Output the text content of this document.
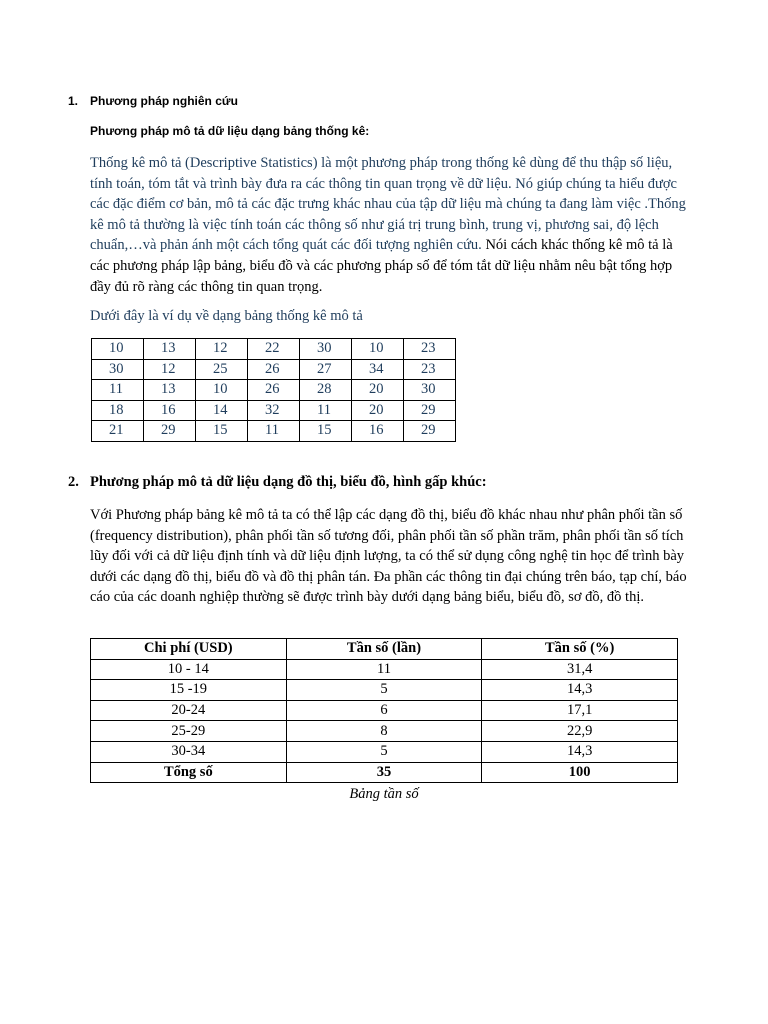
1. Phương pháp nghiên cứu
Phương pháp mô tả dữ liệu dạng bảng thống kê:
Thống kê mô tả (Descriptive Statistics) là một phương pháp trong thống kê dùng để thu thập số liệu, tính toán, tóm tắt và trình bày đưa ra các thông tin quan trọng về dữ liệu. Nó giúp chúng ta hiểu được các đặc điểm cơ bản, mô tả các đặc trưng khác nhau của tập dữ liệu mà chúng ta đang làm việc .Thống kê mô tả thường là việc tính toán các thông số như giá trị trung bình, trung vị, phương sai, độ lệch chuẩn,…và phản ánh một cách tổng quát các đối tượng nghiên cứu. Nói cách khác thống kê mô tả là các phương pháp lập bảng, biểu đồ và các phương pháp số để tóm tắt dữ liệu nhằm nêu bật tổng hợp đầy đủ rõ ràng các thông tin quan trọng.
Dưới đây là ví dụ về dạng bảng thống kê mô tả
10	13	12	22	30	10	23
30	12	25	26	27	34	23
11	13	10	26	28	20	30
18	16	14	32	11	20	29
21	29	15	11	15	16	29
2. Phương pháp mô tả dữ liệu dạng đồ thị, biểu đồ, hình gấp khúc:
Với Phương pháp bảng kê mô tả ta có thể lập các dạng đồ thị, biểu đồ khác nhau như phân phối tần số (frequency distribution), phân phối tần số tương đối, phân phối tần số phần trăm, phân phối tần số tích lũy đối với cả dữ liệu định tính và dữ liệu định lượng, ta có thể sử dụng công nghệ tin học để trình bày dưới các dạng đồ thị, biểu đồ và đồ thị phân tán. Đa phần các thông tin đại chúng trên báo, tạp chí, báo cáo của các doanh nghiệp thường sẽ được trình bày dưới dạng bảng biểu, biểu đồ, sơ đồ, đồ thị.
Chi phí (USD)	Tần số (lần)	Tần số (%)
10 - 14	11	31,4
15 -19	5	14,3
20-24	6	17,1
25-29	8	22,9
30-34	5	14,3
Tổng số	35	100
Bảng tần số
